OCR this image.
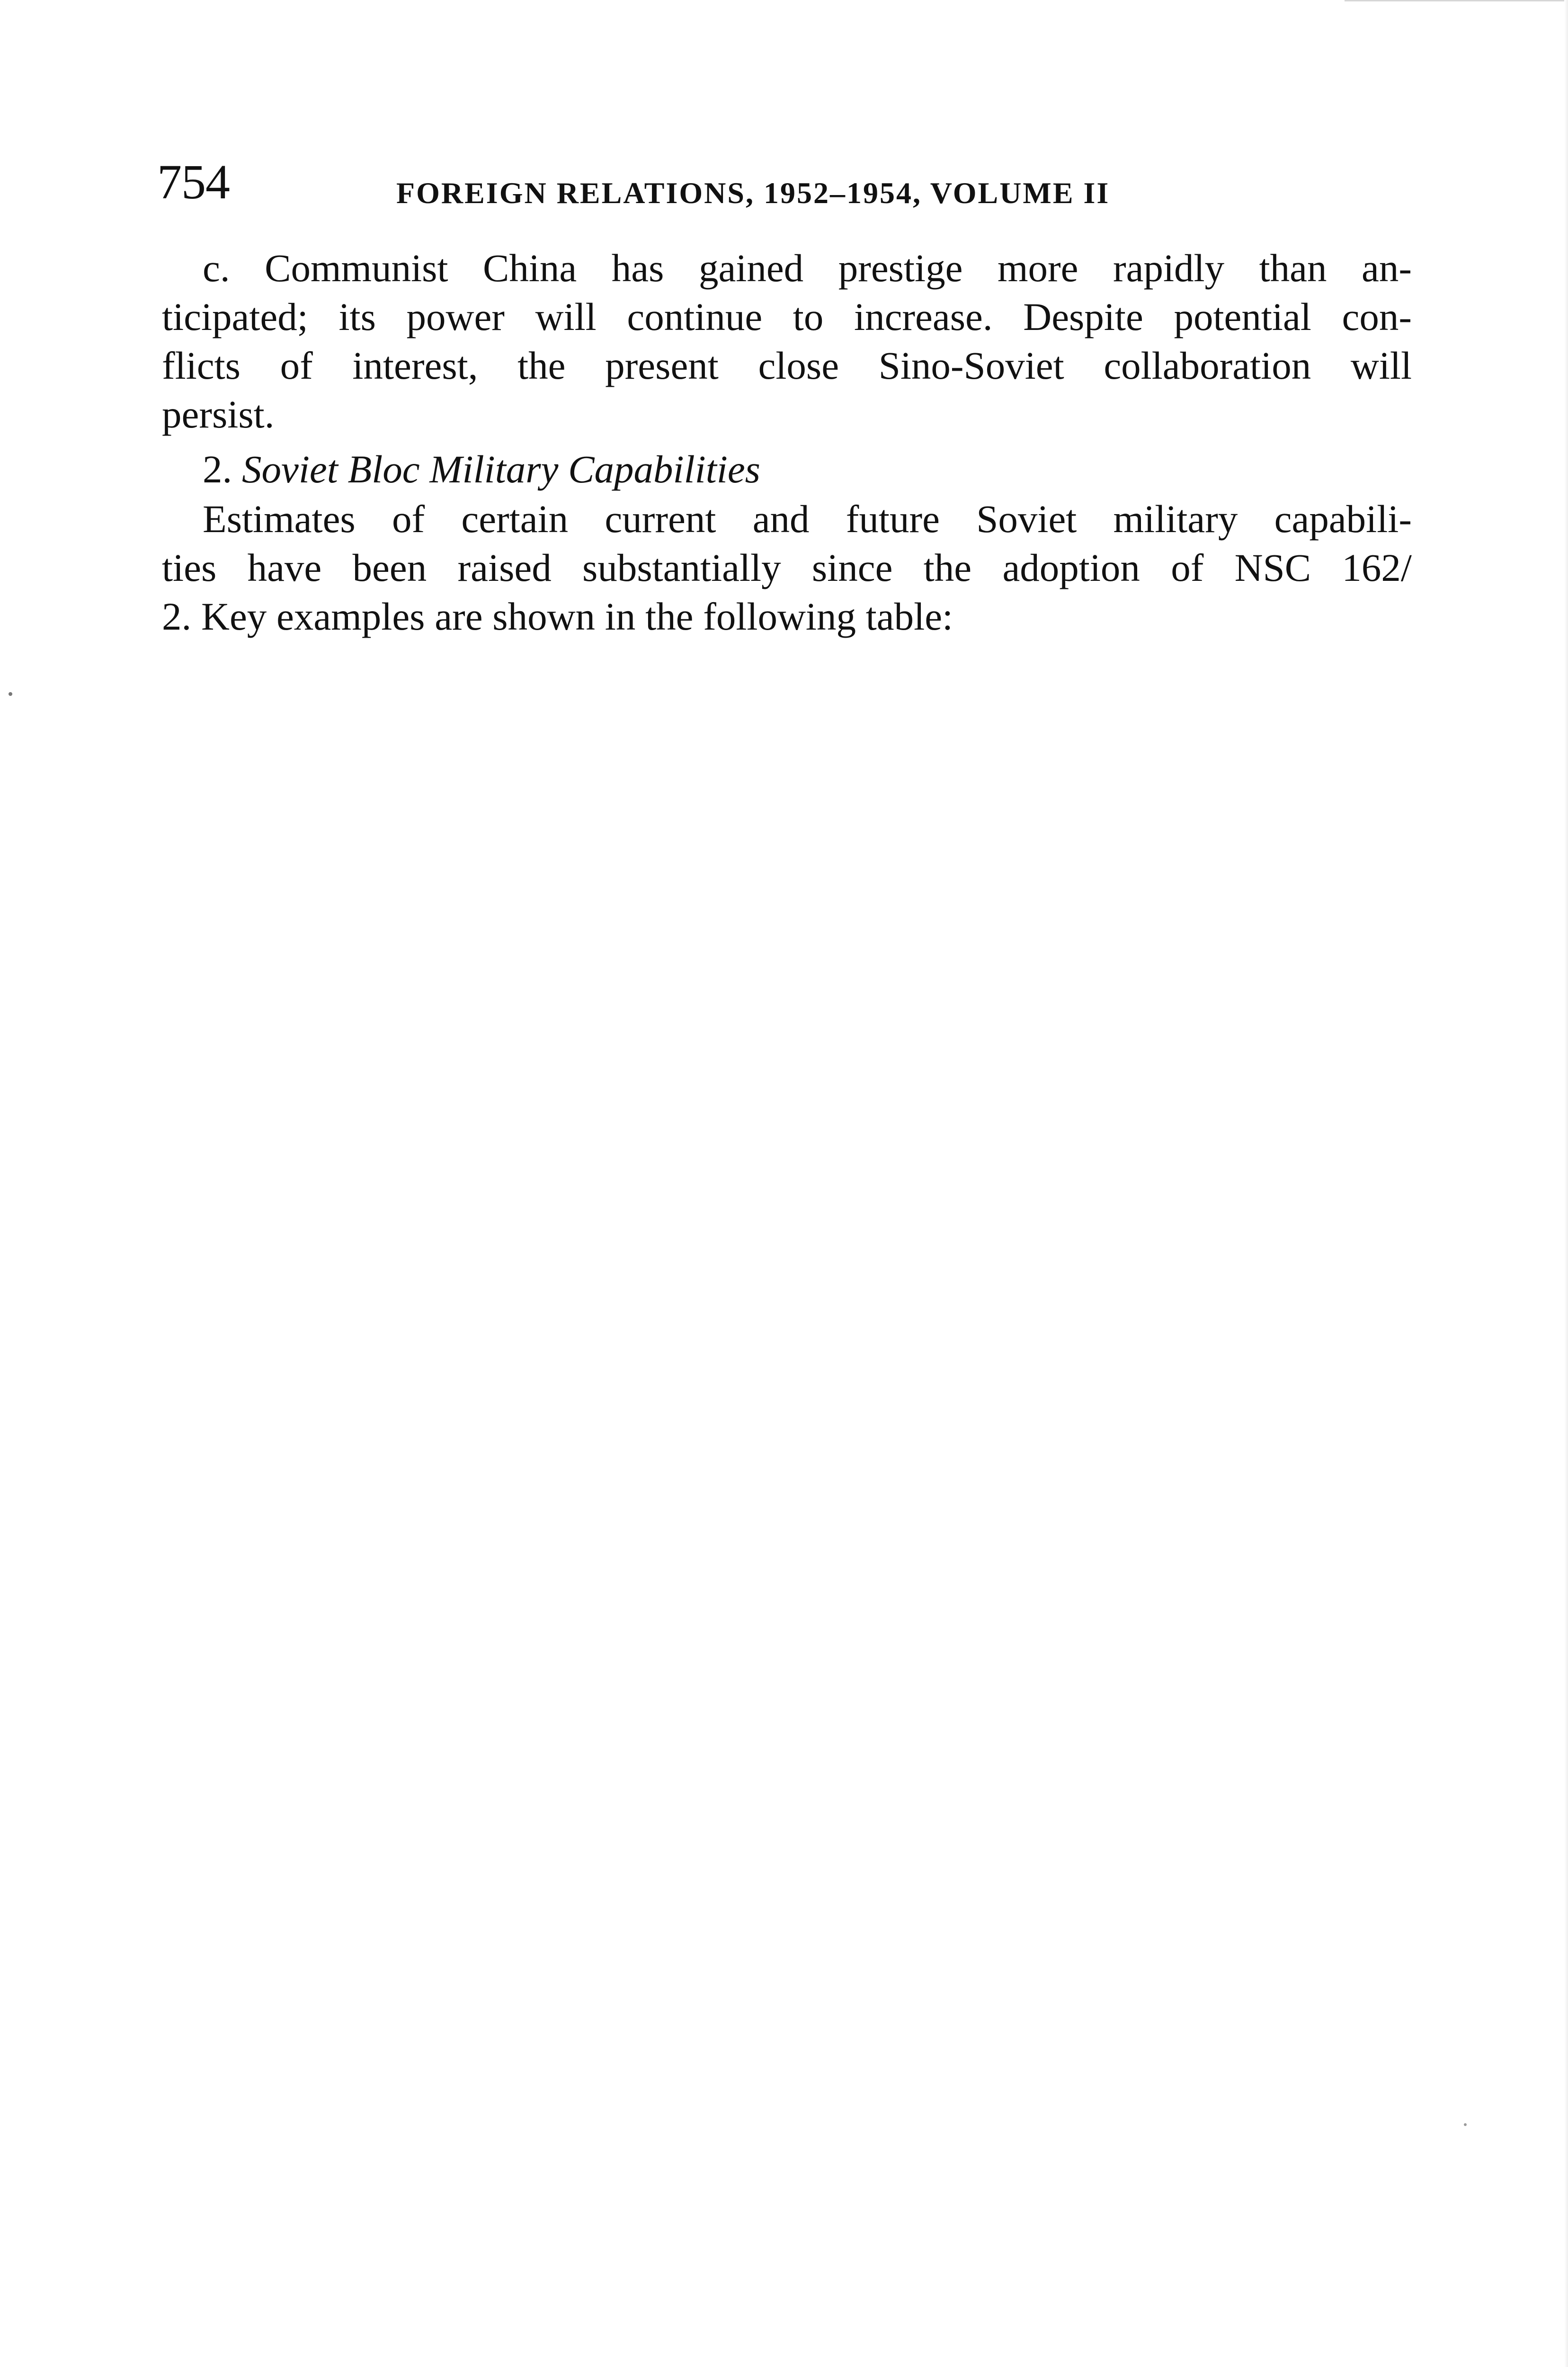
754	FOREIGN RELATIONS, 1952–1954, VOLUME II
c. Communist China has gained prestige more rapidly than an-
ticipated; its power will continue to increase. Despite potential con-
flicts of interest, the present close Sino-Soviet collaboration will
persist.
2. Soviet Bloc Military Capabilities
Estimates of certain current and future Soviet military capabili-
ties have been raised substantially since the adoption of NSC 162/
2. Key examples are shown in the following table:
